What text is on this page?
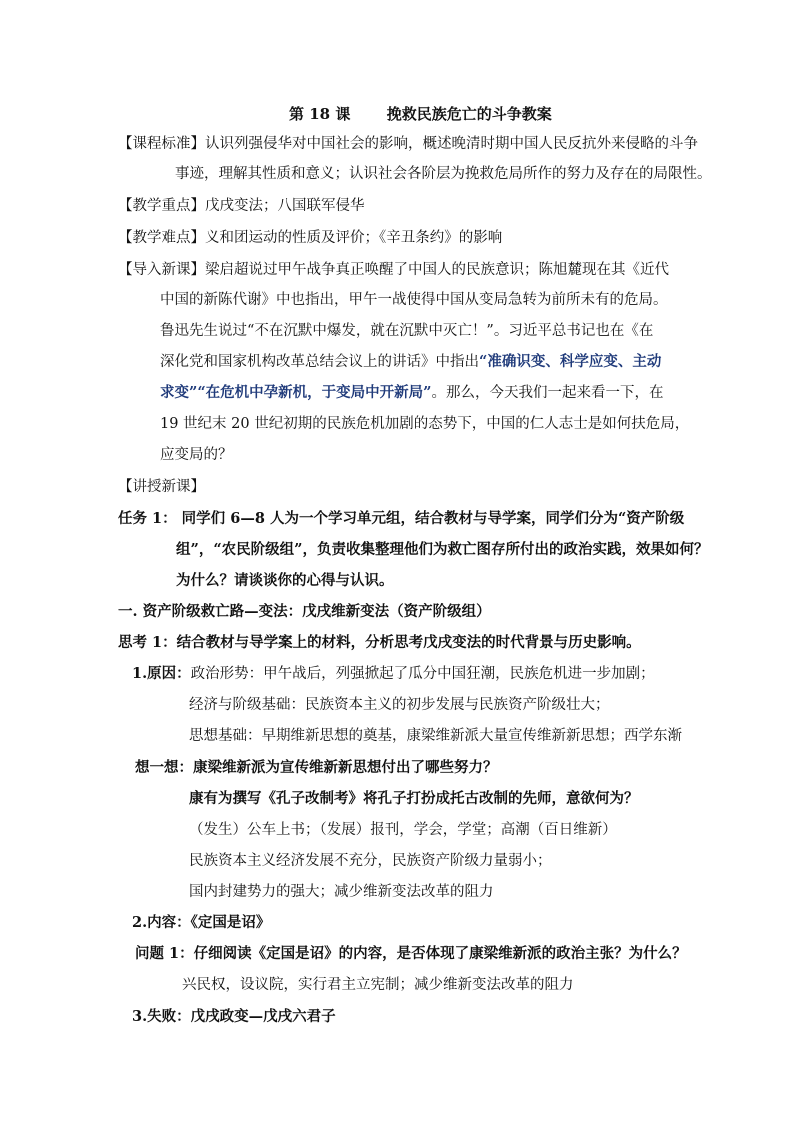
第 18 课 挽救民族危亡的斗争教案
【课程标准】认识列强侵华对中国社会的影响，概述晚清时期中国人民反抗外来侵略的斗争
事迹，理解其性质和意义；认识社会各阶层为挽救危局所作的努力及存在的局限性。
【教学重点】戊戌变法；八国联军侵华
【教学难点】义和团运动的性质及评价；《辛丑条约》的影响
【导入新课】梁启超说过甲午战争真正唤醒了中国人的民族意识；陈旭麓现在其《近代
中国的新陈代谢》中也指出，甲午一战使得中国从变局急转为前所未有的危局。
鲁迅先生说过“不在沉默中爆发，就在沉默中灭亡！”。习近平总书记也在《在
深化党和国家机构改革总结会议上的讲话》中指出“准确识变、科学应变、主动
求变”“在危机中孕新机，于变局中开新局”。那么，今天我们一起来看一下，在
19 世纪末 20 世纪初期的民族危机加剧的态势下，中国的仁人志士是如何扶危局，
应变局的？
【讲授新课】
任务 1： 同学们 6—8 人为一个学习单元组，结合教材与导学案，同学们分为“资产阶级
组”，“农民阶级组”，负责收集整理他们为救亡图存所付出的政治实践，效果如何？
为什么？请谈谈你的心得与认识。
一. 资产阶级救亡路—变法：戊戌维新变法（资产阶级组）
思考 1：结合教材与导学案上的材料，分析思考戊戌变法的时代背景与历史影响。
1.原因：政治形势：甲午战后，列强掀起了瓜分中国狂潮，民族危机进一步加剧；
经济与阶级基础：民族资本主义的初步发展与民族资产阶级壮大；
思想基础：早期维新思想的奠基，康梁维新派大量宣传维新新思想；西学东渐
想一想：康梁维新派为宣传维新新思想付出了哪些努力？
康有为撰写《孔子改制考》将孔子打扮成托古改制的先师，意欲何为？
（发生）公车上书；（发展）报刊，学会，学堂；高潮（百日维新）
民族资本主义经济发展不充分，民族资产阶级力量弱小；
国内封建势力的强大；减少维新变法改革的阻力
2.内容：《定国是诏》
问题 1：仔细阅读《定国是诏》的内容，是否体现了康梁维新派的政治主张？为什么？
兴民权，设议院，实行君主立宪制；减少维新变法改革的阻力
3.失败：戊戌政变—戊戌六君子
